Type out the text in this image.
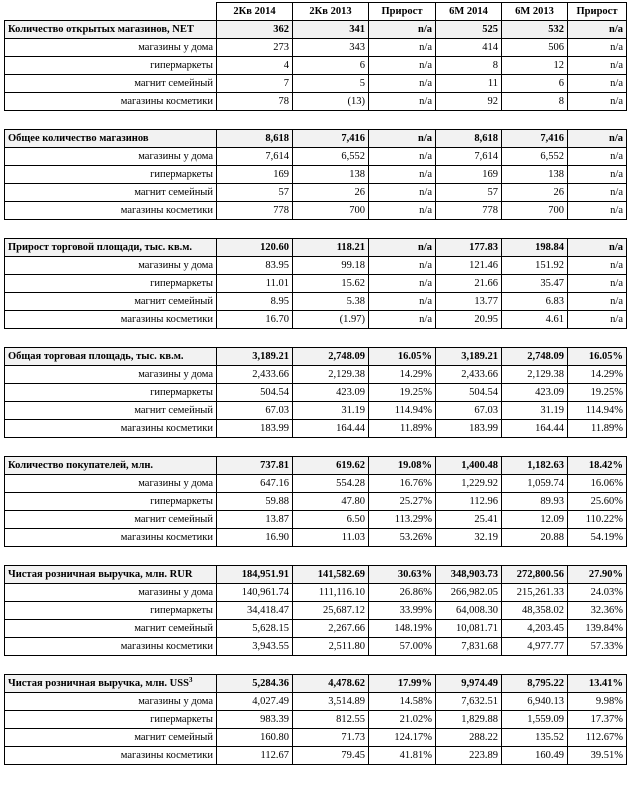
	2Кв 2014	2Кв 2013	Прирост	6М 2014	6М 2013	Прирост
Количество открытых магазинов, NET	362	341	n/a	525	532	n/a
магазины у дома	273	343	n/a	414	506	n/a
гипермаркеты	4	6	n/a	8	12	n/a
магнит семейный	7	5	n/a	11	6	n/a
магазины косметики	78	(13)	n/a	92	8	n/a

Общее количество магазинов	8,618	7,416	n/a	8,618	7,416	n/a
магазины у дома	7,614	6,552	n/a	7,614	6,552	n/a
гипермаркеты	169	138	n/a	169	138	n/a
магнит семейный	57	26	n/a	57	26	n/a
магазины косметики	778	700	n/a	778	700	n/a

Прирост торговой площади, тыс. кв.м.	120.60	118.21	n/a	177.83	198.84	n/a
магазины у дома	83.95	99.18	n/a	121.46	151.92	n/a
гипермаркеты	11.01	15.62	n/a	21.66	35.47	n/a
магнит семейный	8.95	5.38	n/a	13.77	6.83	n/a
магазины косметики	16.70	(1.97)	n/a	20.95	4.61	n/a

Общая торговая площадь, тыс. кв.м.	3,189.21	2,748.09	16.05%	3,189.21	2,748.09	16.05%
магазины у дома	2,433.66	2,129.38	14.29%	2,433.66	2,129.38	14.29%
гипермаркеты	504.54	423.09	19.25%	504.54	423.09	19.25%
магнит семейный	67.03	31.19	114.94%	67.03	31.19	114.94%
магазины косметики	183.99	164.44	11.89%	183.99	164.44	11.89%

Количество покупателей, млн.	737.81	619.62	19.08%	1,400.48	1,182.63	18.42%
магазины у дома	647.16	554.28	16.76%	1,229.92	1,059.74	16.06%
гипермаркеты	59.88	47.80	25.27%	112.96	89.93	25.60%
магнит семейный	13.87	6.50	113.29%	25.41	12.09	110.22%
магазины косметики	16.90	11.03	53.26%	32.19	20.88	54.19%

Чистая розничная выручка, млн. RUR	184,951.91	141,582.69	30.63%	348,903.73	272,800.56	27.90%
магазины у дома	140,961.74	111,116.10	26.86%	266,982.05	215,261.33	24.03%
гипермаркеты	34,418.47	25,687.12	33.99%	64,008.30	48,358.02	32.36%
магнит семейный	5,628.15	2,267.66	148.19%	10,081.71	4,203.45	139.84%
магазины косметики	3,943.55	2,511.80	57.00%	7,831.68	4,977.77	57.33%

Чистая розничная выручка, млн. USS$^3$	5,284.36	4,478.62	17.99%	9,974.49	8,795.22	13.41%
магазины у дома	4,027.49	3,514.89	14.58%	7,632.51	6,940.13	9.98%
гипермаркеты	983.39	812.55	21.02%	1,829.88	1,559.09	17.37%
магнит семейный	160.80	71.73	124.17%	288.22	135.52	112.67%
магазины косметики	112.67	79.45	41.81%	223.89	160.49	39.51%
